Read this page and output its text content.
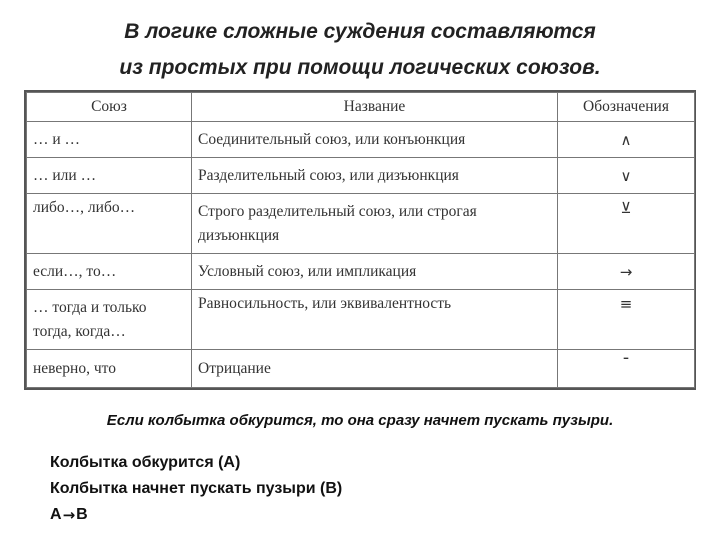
В логике сложные суждения составляются
из простых при помощи логических союзов.
Союз	Название	Обозначения
… и …	Соединительный союз, или конъюнкция	∧
… или …	Разделительный союз, или дизъюнкция	∨
либо…, либо…	Строго разделительный союз, или строгая дизъюнкция	⊻
если…, то…	Условный союз, или импликация	→
… тогда и только тогда, когда…	Равносильность, или эквивалентность	≡
неверно, что	Отрицание	¯
Если колбытка обкурится, то она сразу начнет пускать пузыри.
Колбытка обкурится (А)
Колбытка начнет пускать пузыри (В)
А → В
